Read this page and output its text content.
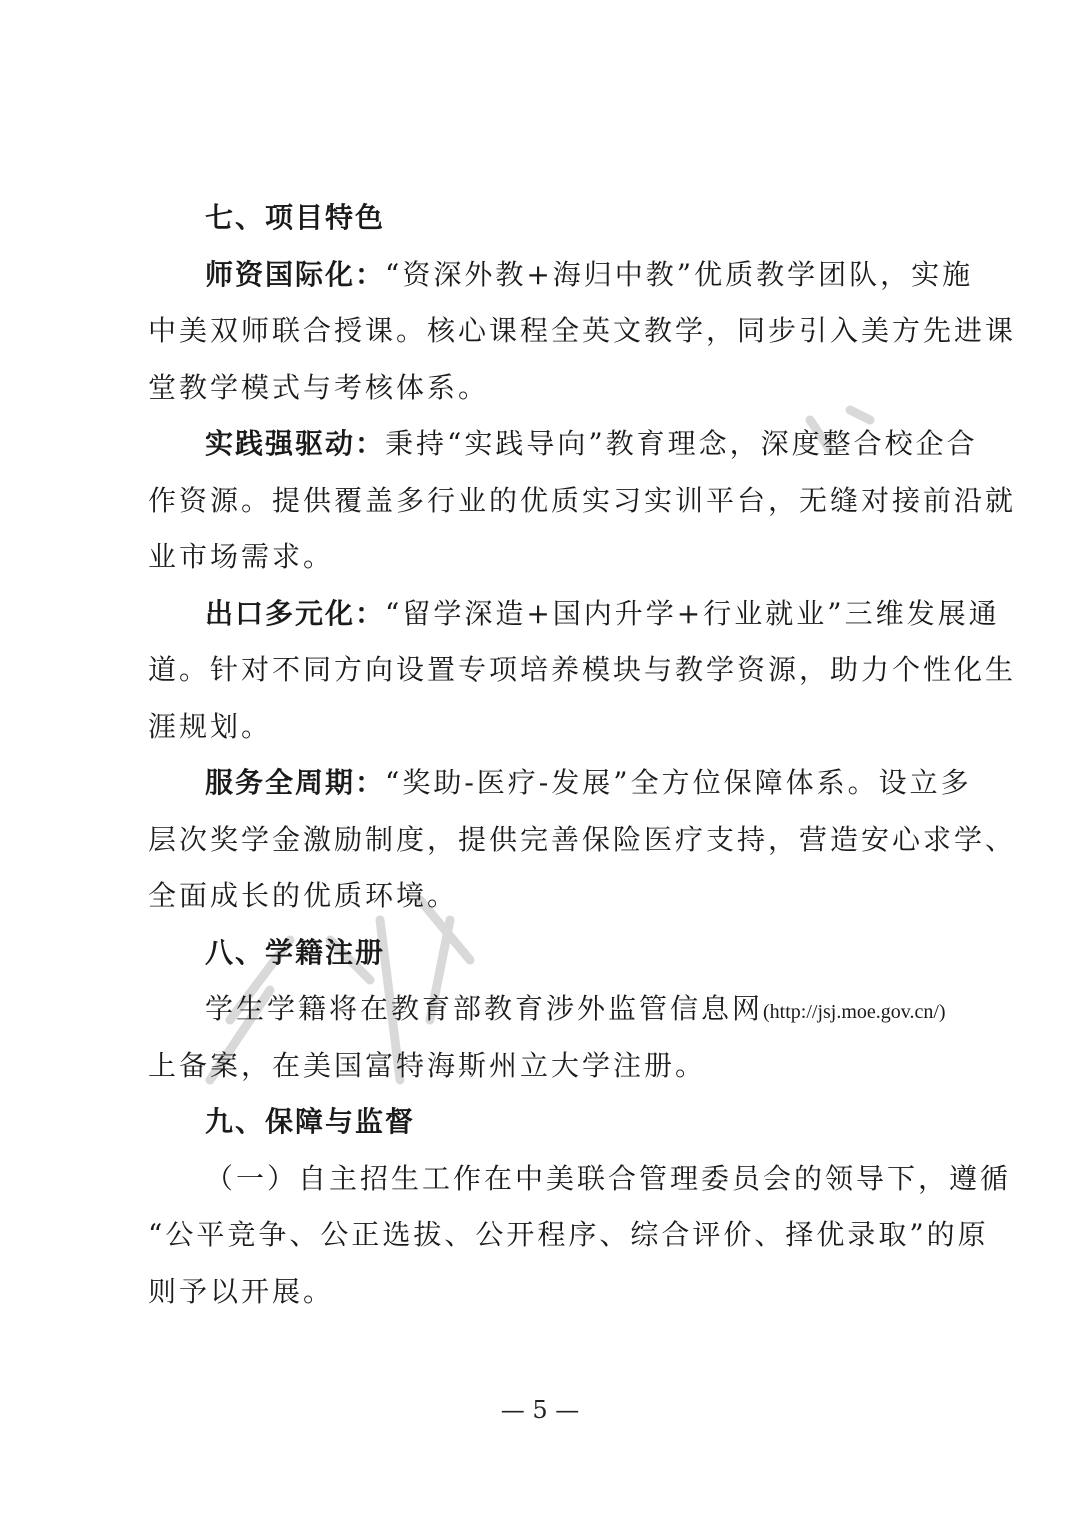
七、项目特色
师资国际化：“资深外教+海归中教”优质教学团队，实施
中美双师联合授课。核心课程全英文教学，同步引入美方先进课
堂教学模式与考核体系。
实践强驱动：秉持“实践导向”教育理念，深度整合校企合
作资源。提供覆盖多行业的优质实习实训平台，无缝对接前沿就
业市场需求。
出口多元化：“留学深造+国内升学+行业就业”三维发展通
道。针对不同方向设置专项培养模块与教学资源，助力个性化生
涯规划。
服务全周期：“奖助-医疗-发展”全方位保障体系。设立多
层次奖学金激励制度，提供完善保险医疗支持，营造安心求学、
全面成长的优质环境。
八、学籍注册
学生学籍将在教育部教育涉外监管信息网(http://jsj.moe.gov.cn/)
上备案，在美国富特海斯州立大学注册。
九、保障与监督
（一）自主招生工作在中美联合管理委员会的领导下，遵循
“公平竞争、公正选拔、公开程序、综合评价、择优录取”的原
则予以开展。
— 5 —
